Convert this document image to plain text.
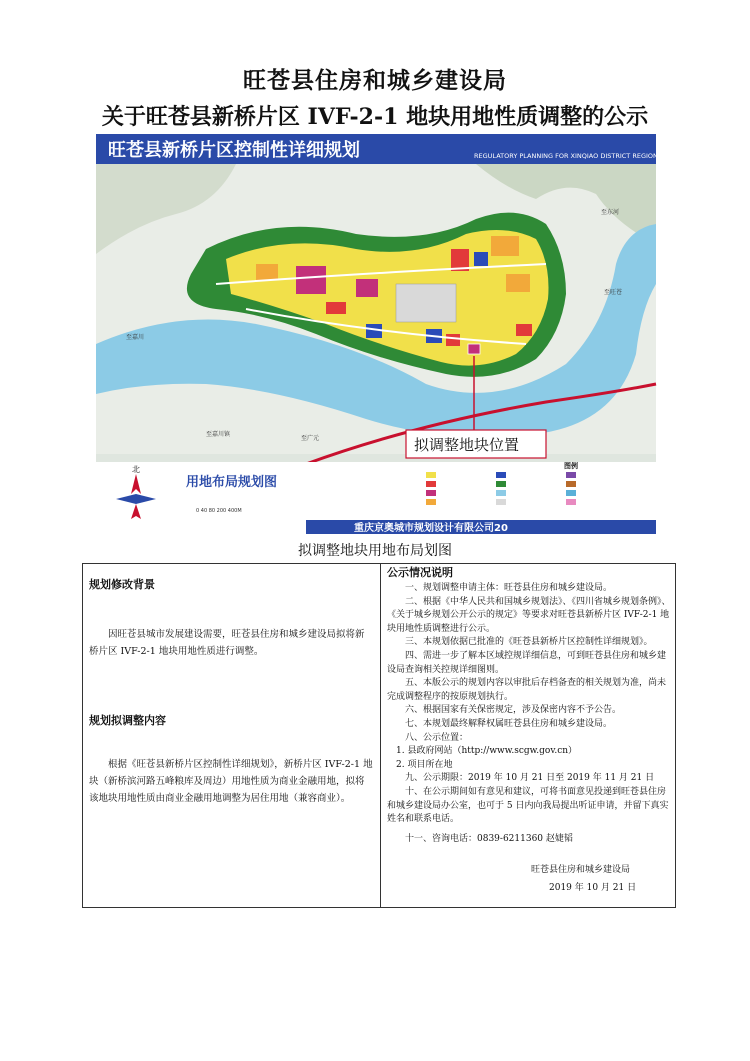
旺苍县住房和城乡建设局
关于旺苍县新桥片区 IVF-2-1 地块用地性质调整的公示
旺苍县新桥片区控制性详细规划	REGULATORY PLANNING FOR XINQIAO DISTRICT REGION OF WA
拟调整地块位置
至东河
至旺苍
至嘉川
至嘉川镇
至广元
北
用地布局规划图
0 40 80 200 400M
图例
重庆京奥城市规划设计有限公司20
拟调整地块用地布局划图
规划修改背景
因旺苍县城市发展建设需要，旺苍县住房和城乡建设局拟将新桥片区 IVF-2-1 地块用地性质进行调整。
规划拟调整内容
根据《旺苍县新桥片区控制性详细规划》，新桥片区 IVF-2-1 地块（新桥滨河路五峰粮库及周边）用地性质为商业金融用地，拟将该地块用地性质由商业金融用地调整为居住用地（兼容商业）。
公示情况说明
一、规划调整申请主体：旺苍县住房和城乡建设局。
二、根据《中华人民共和国城乡规划法》、《四川省城乡规划条例》、《关于城乡规划公开公示的规定》等要求对旺苍县新桥片区 IVF-2-1 地块用地性质调整进行公示。
三、本规划依据已批准的《旺苍县新桥片区控制性详细规划》。
四、需进一步了解本区域控规详细信息，可到旺苍县住房和城乡建设局查询相关控规详细图则。
五、本版公示的规划内容以审批后存档备查的相关规划为准，尚未完成调整程序的按原规划执行。
六、根据国家有关保密规定，涉及保密内容不予公告。
七、本规划最终解释权属旺苍县住房和城乡建设局。
八、公示位置：
1. 县政府网站（http://www.scgw.gov.cn）
2. 项目所在地
九、公示期限：2019 年 10 月 21 日至 2019 年 11 月 21 日
十、在公示期间如有意见和建议，可将书面意见投递到旺苍县住房和城乡建设局办公室，也可于 5 日内向我局提出听证申请，并留下真实姓名和联系电话。
十一、咨询电话：0839-6211360 赵婕韬
旺苍县住房和城乡建设局
2019 年 10 月 21 日
